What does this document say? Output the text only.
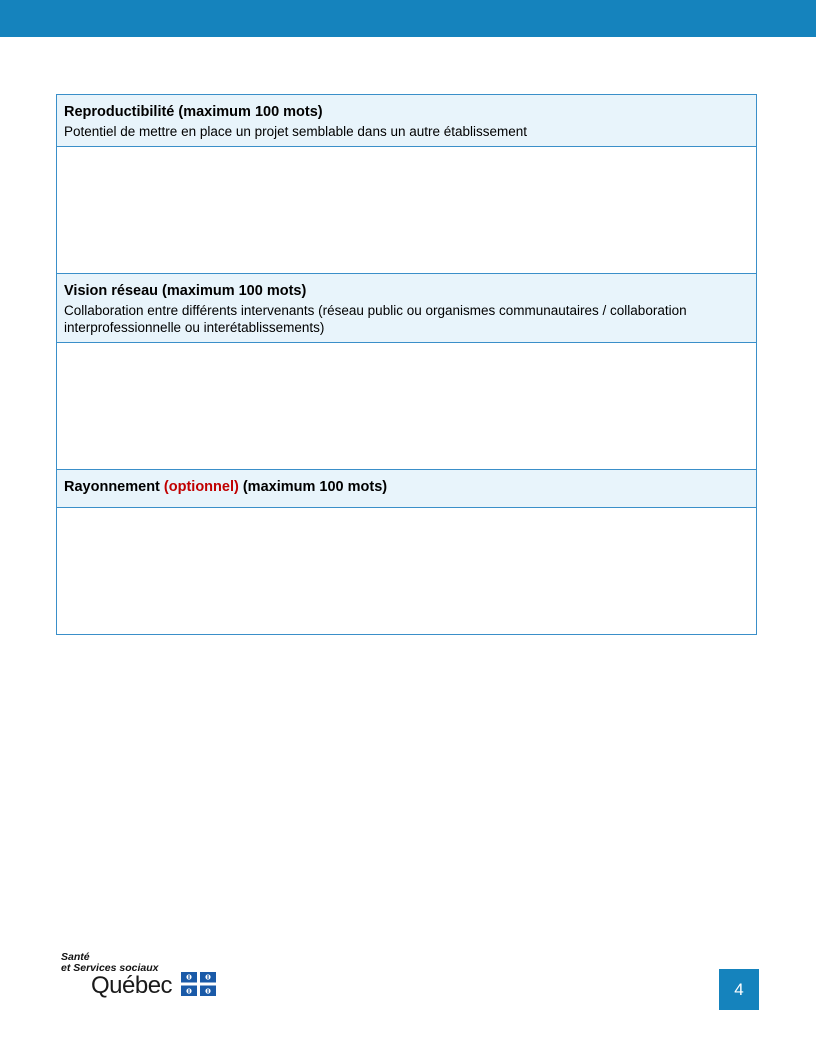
Reproductibilité (maximum 100 mots)
Potentiel de mettre en place un projet semblable dans un autre établissement
Vision réseau (maximum 100 mots)
Collaboration entre différents intervenants (réseau public ou organismes communautaires / collaboration interprofessionnelle ou interétablissements)
Rayonnement (optionnel) (maximum 100 mots)
Santé
et Services sociaux
Québec	4
